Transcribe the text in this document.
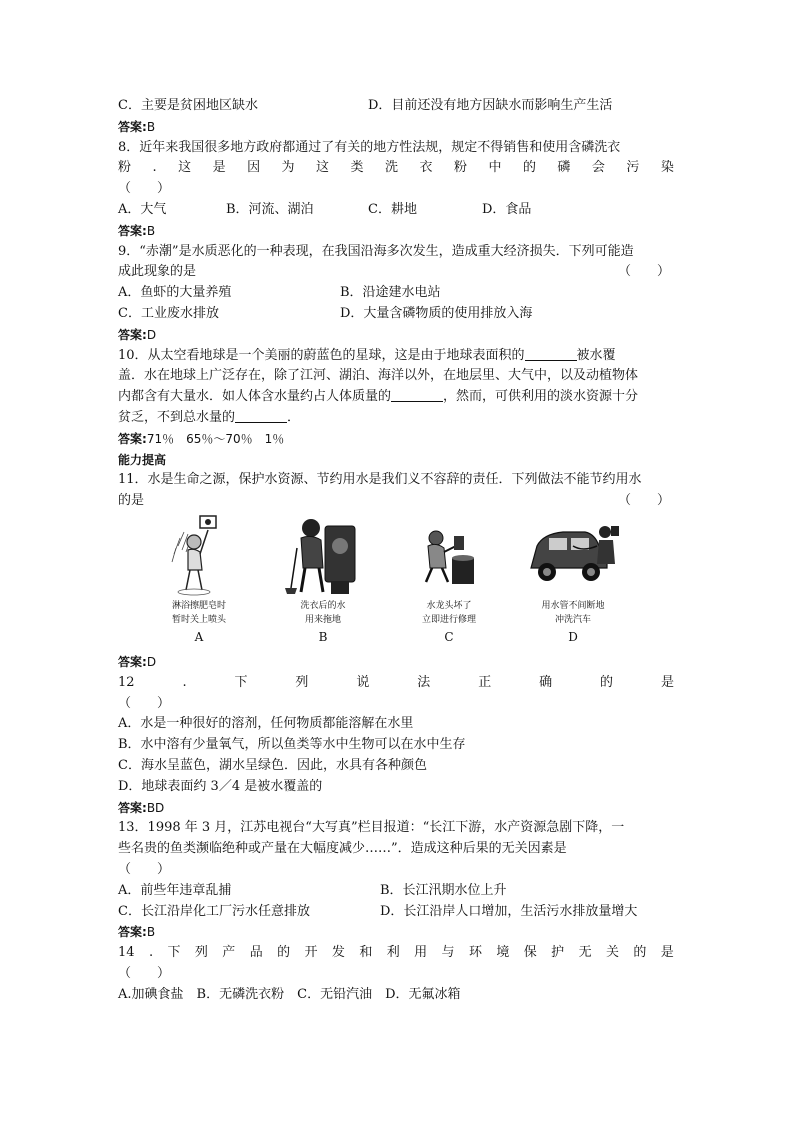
C．主要是贫困地区缺水	D．目前还没有地方因缺水而影响生产生活
答案:B
8．近年来我国很多地方政府都通过了有关的地方性法规，规定不得销售和使用含磷洗衣
粉 . 这 是 因 为 这 类 洗 衣 粉 中 的 磷 会 污 染
（　　）
A．大气	B．河流、湖泊	C．耕地	D．食品
答案:B
9．“赤潮”是水质恶化的一种表现，在我国沿海多次发生，造成重大经济损失．下列可能造
成此现象的是	（　　）
A．鱼虾的大量养殖	B．沿途建水电站
C．工业废水排放	D．大量含磷物质的使用排放入海
答案:D
10．从太空看地球是一个美丽的蔚蓝色的星球，这是由于地球表面积的	被水覆
盖．水在地球上广泛存在，除了江河、湖泊、海洋以外，在地层里、大气中，以及动植物体
内都含有大量水．如人体含水量约占人体质量的	，然而，可供利用的淡水资源十分
贫乏，不到总水量的	．
答案:71％　65％～70％　1％
能力提高
11．水是生命之源，保护水资源、节约用水是我们义不容辞的责任．下列做法不能节约用水
的是	（　　）
淋浴擦肥皂时
暂时关上喷头
A
洗衣后的水
用来拖地
B
水龙头坏了
立即进行修理
C
用水管不间断地
冲洗汽车
D
答案:D
12	.	下	列	说	法	正	确	的	是
（　　）
A．水是一种很好的溶剂，任何物质都能溶解在水里
B．水中溶有少量氧气，所以鱼类等水中生物可以在水中生存
C．海水呈蓝色，湖水呈绿色．因此，水具有各种颜色
D．地球表面约 3／4 是被水覆盖的
答案:BD
13．1998 年 3 月，江苏电视台“大写真”栏目报道：“长江下游，水产资源急剧下降，一
些名贵的鱼类濒临绝种或产量在大幅度减少……”．造成这种后果的无关因素是
（　　）
A．前些年违章乱捕	B．长江汛期水位上升
C．长江沿岸化工厂污水任意排放	D．长江沿岸人口增加，生活污水排放量增大
答案:B
14 . 下 列 产 品 的 开 发 和 利 用 与 环 境 保 护 无 关 的 是
（　　）
A.加碘食盐　 B．无磷洗衣粉　 C．无铅汽油　 D．无氟冰箱
